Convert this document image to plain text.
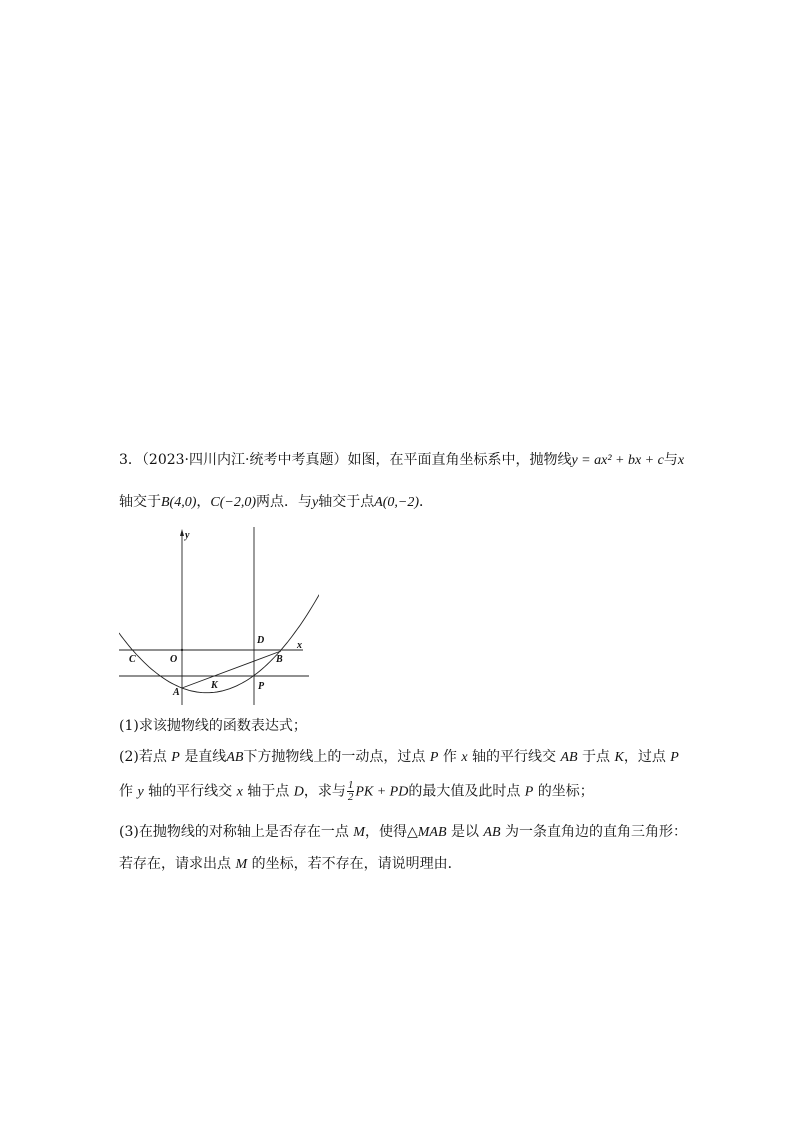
3．（2023·四川内江·统考中考真题）如图，在平面直角坐标系中，抛物线y = ax² + bx + c与x
轴交于B(4,0)，C(−2,0)两点．与y轴交于点A(0,−2)．
y
x
O
C
A
B
D
K	P
(1)求该抛物线的函数表达式；
(2)若点 P 是直线AB下方抛物线上的一动点，过点 P 作 x 轴的平行线交 AB 于点 K，过点 P
作 y 轴的平行线交 x 轴于点 D，求与 $\frac{1}{2}$ PK + PD的最大值及此时点 P 的坐标；
(3)在抛物线的对称轴上是否存在一点 M，使得△MAB 是以 AB 为一条直角边的直角三角形：
若存在，请求出点 M 的坐标，若不存在，请说明理由．
